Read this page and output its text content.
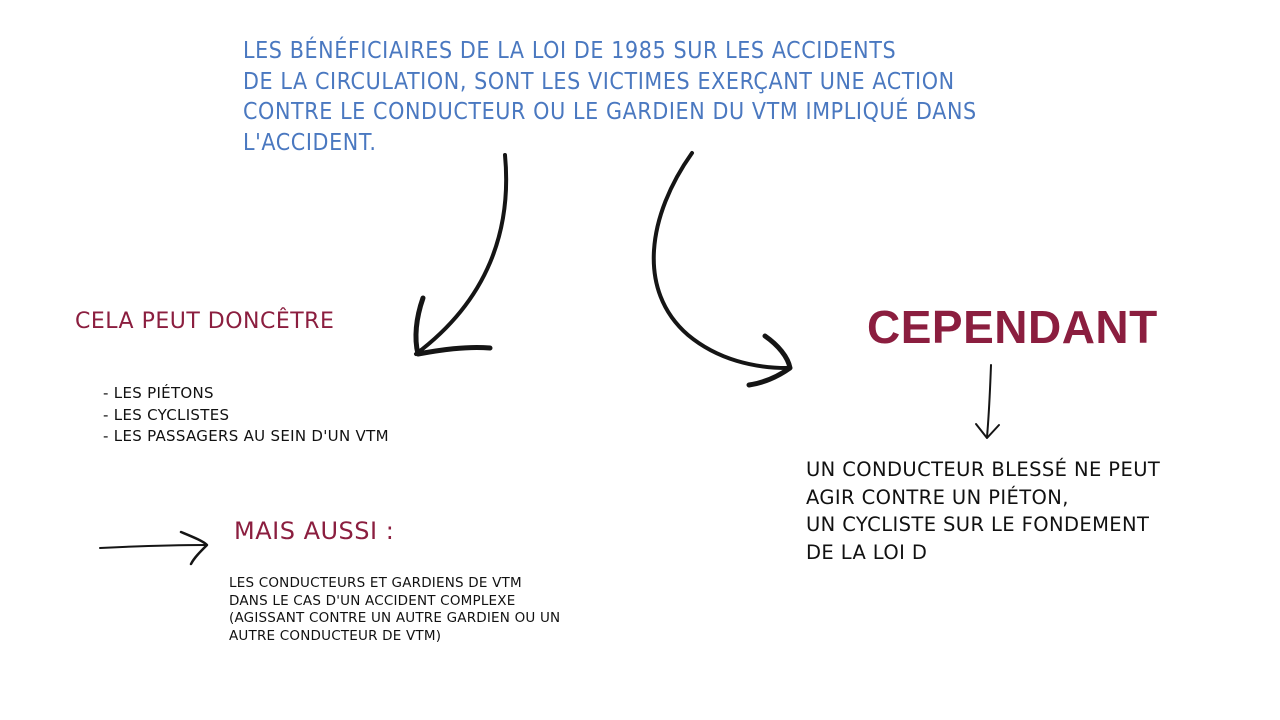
LES BÉNÉFICIAIRES DE LA LOI DE 1985 SUR LES ACCIDENTS
DE LA CIRCULATION, SONT LES VICTIMES EXERÇANT UNE ACTION
CONTRE LE CONDUCTEUR OU LE GARDIEN DU VTM IMPLIQUÉ DANS
L'ACCIDENT.

CELA PEUT DONCÊTRE

- LES PIÉTONS
- LES CYCLISTES
- LES PASSAGERS AU SEIN D'UN VTM

MAIS AUSSI :

LES CONDUCTEURS ET GARDIENS DE VTM
DANS LE CAS D'UN ACCIDENT COMPLEXE
(AGISSANT CONTRE UN AUTRE GARDIEN OU UN
AUTRE CONDUCTEUR DE VTM)

CEPENDANT

UN CONDUCTEUR BLESSÉ NE PEUT
AGIR CONTRE UN PIÉTON,
UN CYCLISTE SUR LE FONDEMENT
DE LA LOI D
